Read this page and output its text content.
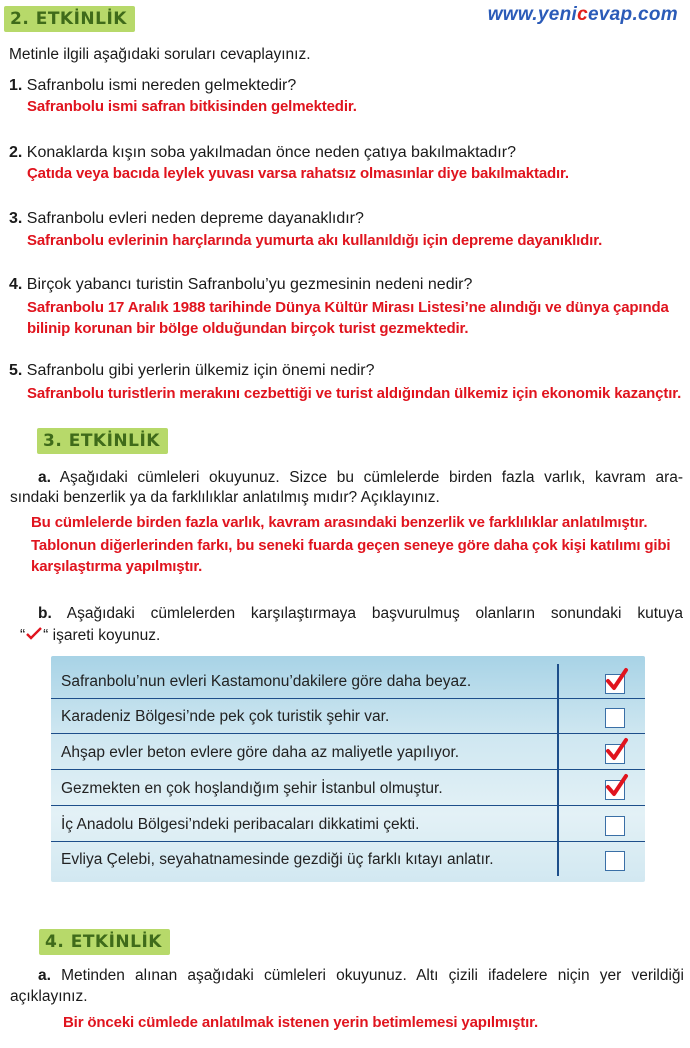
2. ETKİNLİK	www.yenicevap.com
Metinle ilgili aşağıdaki soruları cevaplayınız.
1. Safranbolu ismi nereden gelmektedir?
Safranbolu ismi safran bitkisinden gelmektedir.
2. Konaklarda kışın soba yakılmadan önce neden çatıya bakılmaktadır?
Çatıda veya bacıda leylek yuvası varsa rahatsız olmasınlar diye bakılmaktadır.
3. Safranbolu evleri neden depreme dayanaklıdır?
Safranbolu evlerinin harçlarında yumurta akı kullanıldığı için depreme dayanıklıdır.
4. Birçok yabancı turistin Safranbolu’yu gezmesinin nedeni nedir?
Safranbolu 17 Aralık 1988 tarihinde Dünya Kültür Mirası Listesi’ne alındığı ve dünya çapında
bilinip korunan bir bölge olduğundan birçok turist gezmektedir.
5. Safranbolu gibi yerlerin ülkemiz için önemi nedir?
Safranbolu turistlerin merakını cezbettiği ve turist aldığından ülkemiz için ekonomik kazançtır.
3. ETKİNLİK
a. Aşağıdaki cümleleri okuyunuz. Sizce bu cümlelerde birden fazla varlık, kavram ara-
sındaki benzerlik ya da farklılıklar anlatılmış mıdır? Açıklayınız.
Bu cümlelerde birden fazla varlık, kavram arasındaki benzerlik ve farklılıklar anlatılmıştır.
Tablonun diğerlerinden farkı, bu seneki fuarda geçen seneye göre daha çok kişi katılımı gibi
karşılaştırma yapılmıştır.
b. Aşağıdaki cümlelerden karşılaştırmaya başvurulmuş olanların sonundaki kutuya
“ “ işareti koyunuz.
Safranbolu’nun evleri Kastamonu’dakilere göre daha beyaz.
Karadeniz Bölgesi’nde pek çok turistik şehir var.
Ahşap evler beton evlere göre daha az maliyetle yapılıyor.
Gezmekten en çok hoşlandığım şehir İstanbul olmuştur.
İç Anadolu Bölgesi’ndeki peribacaları dikkatimi çekti.
Evliya Çelebi, seyahatnamesinde gezdiği üç farklı kıtayı anlatır.
4. ETKİNLİK
a. Metinden alınan aşağıdaki cümleleri okuyunuz. Altı çizili ifadelere niçin yer verildiği
açıklayınız.
Bir önceki cümlede anlatılmak istenen yerin betimlemesi yapılmıştır.
